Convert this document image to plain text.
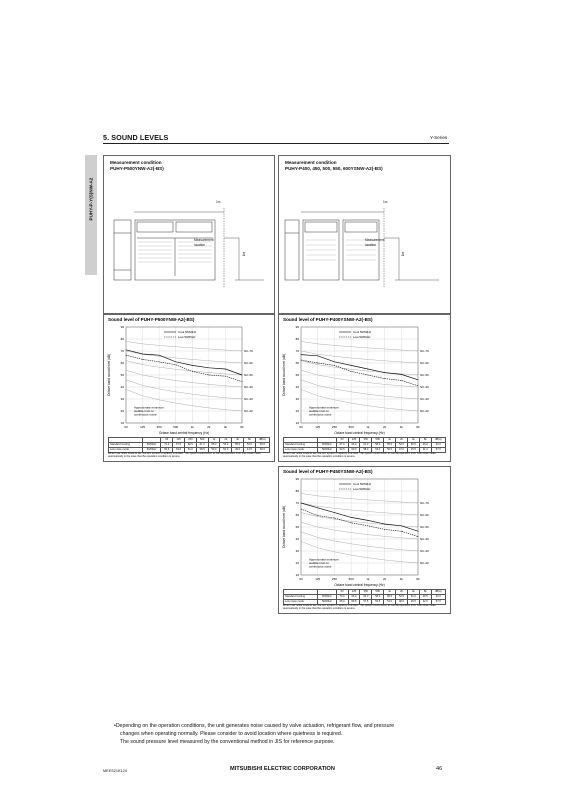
5. SOUND LEVELS	Y-Series
PUHY-P-Y(S)NW-A2
Measurement condition
PUHY-P500YNW-A2(-BS)
1m
Measurement
location
1m
Measurement condition
PUHY-P400, 450, 500, 550, 600YSNW-A2(-BS)
1m
Measurement
location
1m
Sound level of PUHY-P500YNW-A2(-BS)
10
20
30
40
50
60
70
80
90
63	125	250	500	1k	2k	4k	8k
NC-70
NC-60
NC-50
NC-40
NC-30
NC-20
Cool 50/60Hz
Low 50/60Hz
Approximate minimum
audible limit on
continuous noise
Octave band central frequency (Hz)
Octave band sound level (dB)
		63	125	250	500	1k	2k	4k	8k	dB(A)
Standard Cooling	50/60Hz	71.0	67.5	66.5	61.0	58.0	56.0	55.0	50.0	65.0
Low noise mode	50/60Hz	66.5	63.0	61.0	58.5	53.0	50.0	49.0	44.5	60.0
When Low noise mode is set, the A/C system's capacity is limited. The system could return to normal operation from Low noise mode automatically in the case that the operation condition is severe.
Sound level of PUHY-P400YSNW-A2(-BS)
10
20
30
40
50
60
70
80
90
63	125	250	500	1k	2k	4k	8k
NC-70
NC-60
NC-50
NC-40
NC-30
NC-20
Cool 50/60Hz
Low 50/60Hz
Approximate minimum
audible limit on
continuous noise
Octave band central frequency (Hz)
Octave band sound level (dB)
		63	125	250	500	1k	2k	4k	8k	dB(A)
Standard Cooling	50/60Hz	67.0	66.0	61.0	58.0	55.0	52.0	50.5	46.0	62.0
Low noise mode	50/60Hz	62.5	60.0	58.0	53.0	50.0	47.0	45.5	41.0	57.0
When Low noise mode is set, the A/C system's capacity is limited. The system could return to normal operation from Low noise mode automatically in the case that the operation condition is severe.
Sound level of PUHY-P450YSNW-A2(-BS)
10
20
30
40
50
60
70
80
90
63	125	250	500	1k	2k	4k	8k
NC-70
NC-60
NC-50
NC-40
NC-30
NC-20
Cool 50/60Hz
Low 50/60Hz
Approximate minimum
audible limit on
continuous noise
Octave band central frequency (Hz)
Octave band sound level (dB)
		63	125	250	500	1k	2k	4k	8k	dB(A)
Standard Cooling	50/60Hz	70.0	66.0	62.0	58.0	55.5	52.5	51.0	46.5	62.0
Low noise mode	50/60Hz	65.0	59.5	57.5	53.5	51.0	48.0	46.5	42.0	57.0
When Low noise mode is set, the A/C system's capacity is limited. The system could return to normal operation from Low noise mode automatically in the case that the operation condition is severe.
•Depending on the operation conditions, the unit generates noise caused by valve actuation, refrigerant flow, and pressure
changes when operating normally. Please consider to avoid location where quietness is required.
The sound pressure level measured by the conventional method in JIS for reference purpose.
MEES21K124	MITSUBISHI ELECTRIC CORPORATION	46
